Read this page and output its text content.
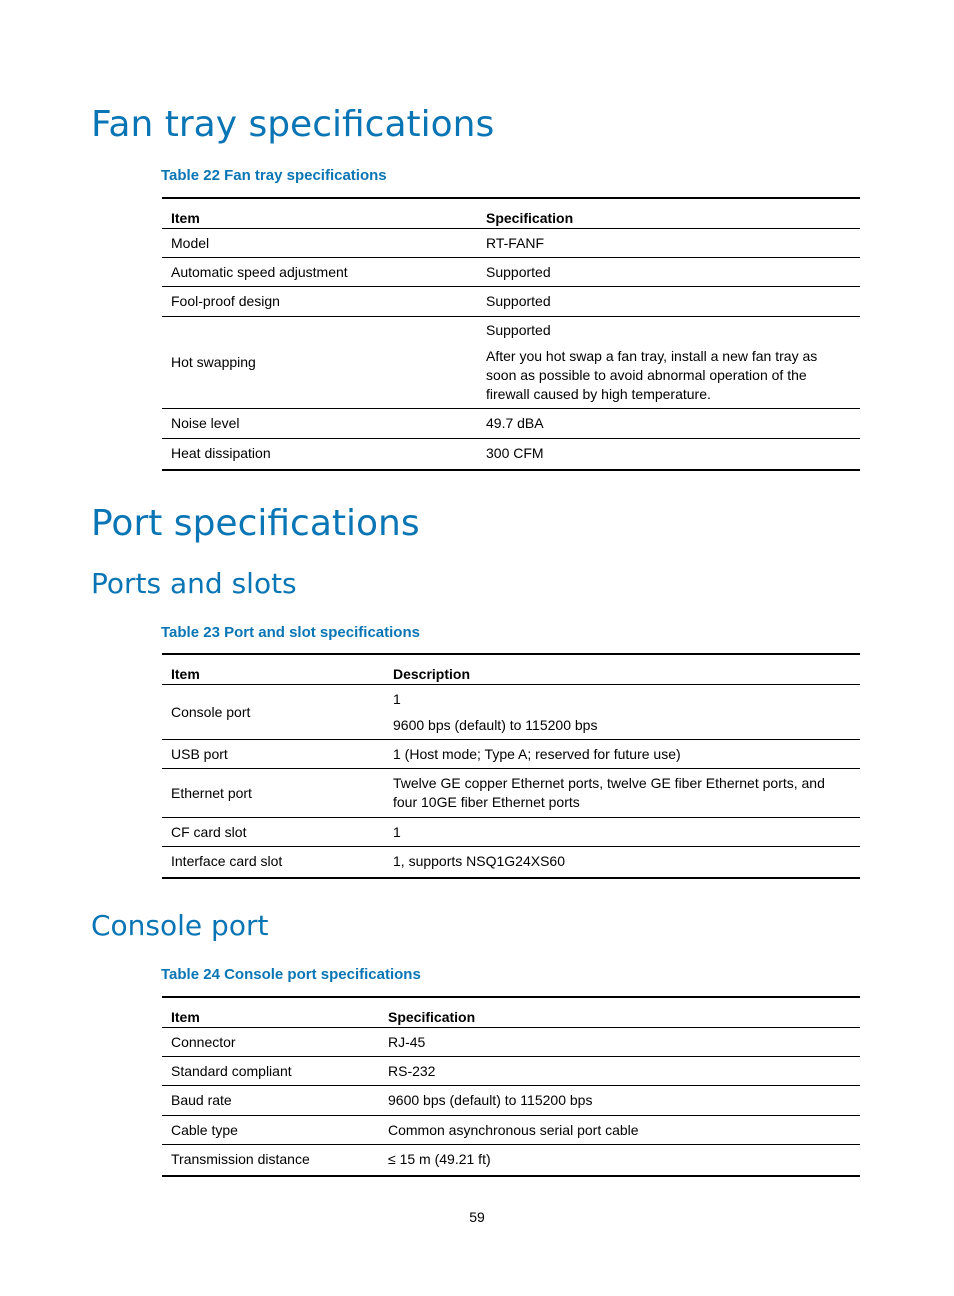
Fan tray specifications

Table 22 Fan tray specifications

Item	Specification
Model	RT-FANF

Automatic speed adjustment	Supported

Fool-proof design	Supported

Hot swapping	Supported

After you hot swap a fan tray, install a new fan tray as soon as possible to avoid abnormal operation of the firewall caused by high temperature.

Noise level	49.7 dBA

Heat dissipation	300 CFM

Port specifications
Ports and slots

Table 23 Port and slot specifications

Item	Description
Console port	1

9600 bps (default) to 115200 bps

USB port	1 (Host mode; Type A; reserved for future use)

Ethernet port	Twelve GE copper Ethernet ports, twelve GE fiber Ethernet ports, and four 10GE fiber Ethernet ports

CF card slot	1

Interface card slot	1, supports NSQ1G24XS60

Console port

Table 24 Console port specifications

Item	Specification
Connector	RJ-45

Standard compliant	RS-232

Baud rate	9600 bps (default) to 115200 bps

Cable type	Common asynchronous serial port cable

Transmission distance	≤ 15 m (49.21 ft)

59
